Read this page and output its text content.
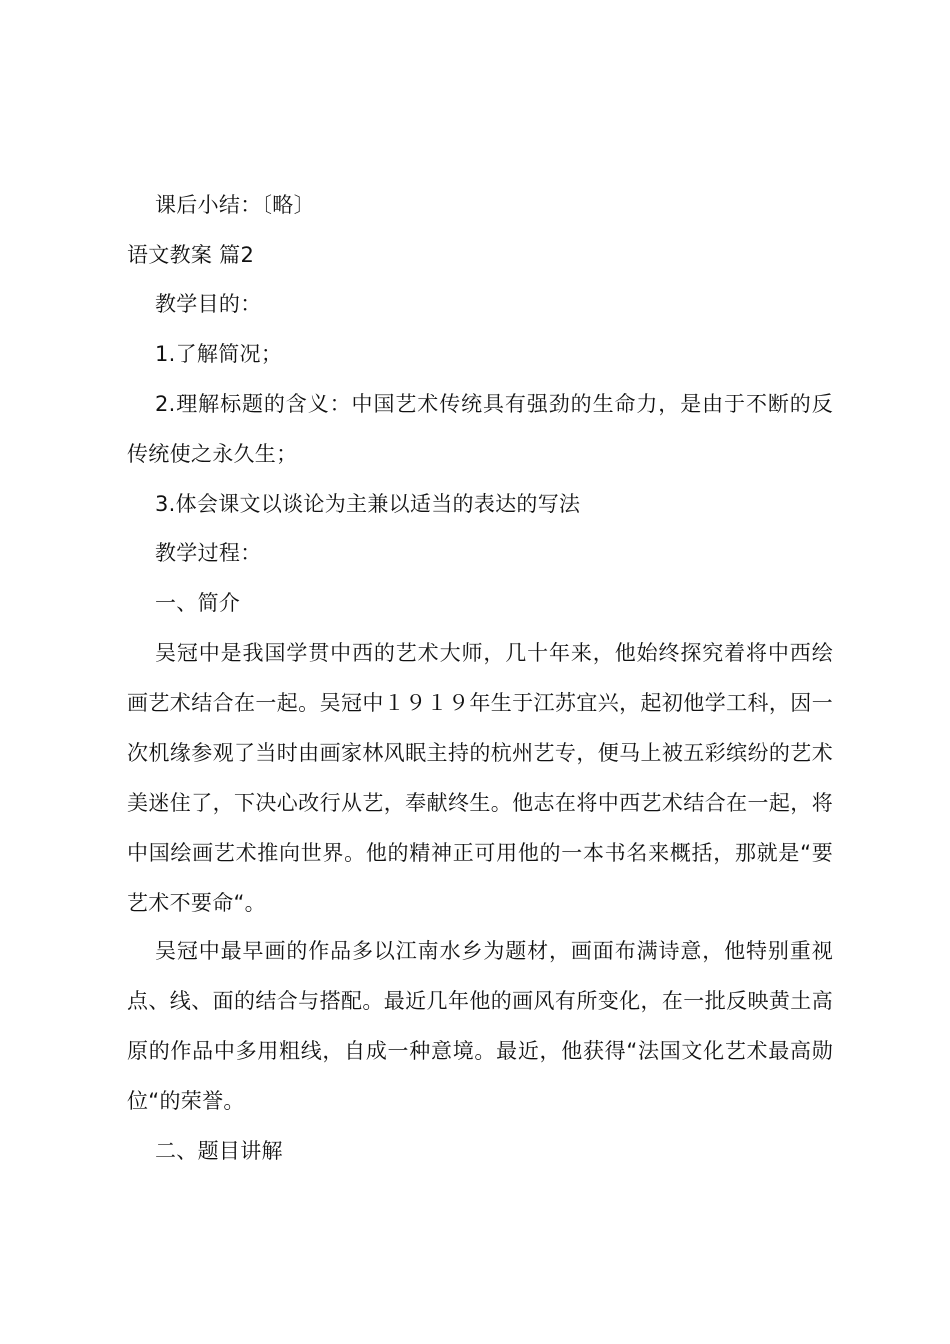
课后小结：〔略〕
语文教案 篇2
教学目的：
1.了解简况；
2.理解标题的含义：中国艺术传统具有强劲的生命力，是由于不断的反传统使之永久生；
3.体会课文以谈论为主兼以适当的表达的写法
教学过程：
一、简介
吴冠中是我国学贯中西的艺术大师，几十年来，他始终探究着将中西绘画艺术结合在一起。吴冠中１９１９年生于江苏宜兴，起初他学工科，因一次机缘参观了当时由画家林风眠主持的杭州艺专，便马上被五彩缤纷的艺术美迷住了，下决心改行从艺，奉献终生。他志在将中西艺术结合在一起，将中国绘画艺术推向世界。他的精神正可用他的一本书名来概括，那就是“要艺术不要命“。
吴冠中最早画的作品多以江南水乡为题材，画面布满诗意，他特别重视点、线、面的结合与搭配。最近几年他的画风有所变化，在一批反映黄土高原的作品中多用粗线，自成一种意境。最近，他获得“法国文化艺术最高勋位“的荣誉。
二、题目讲解
